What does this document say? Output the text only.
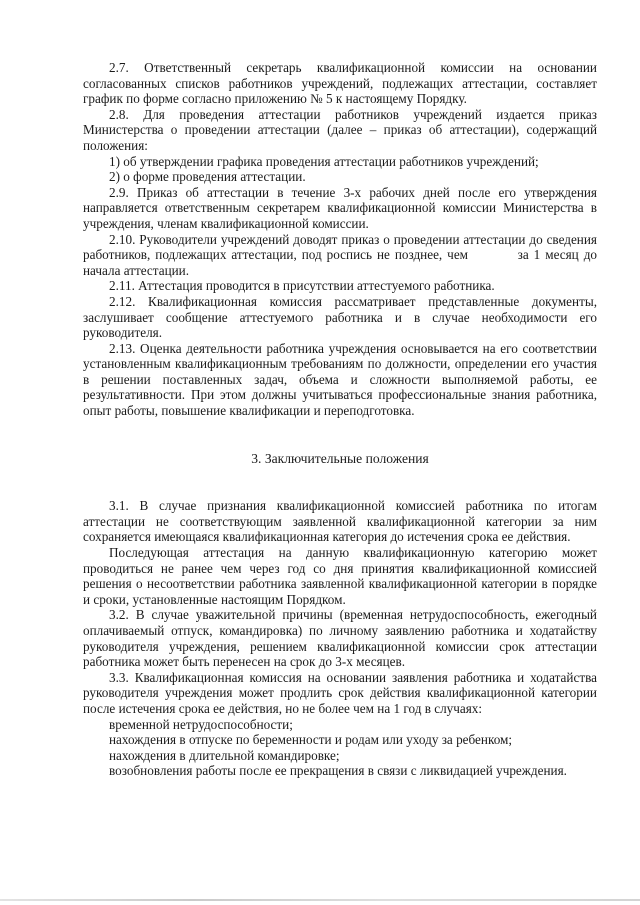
2.7. Ответственный секретарь квалификационной комиссии на основании согласованных списков работников учреждений, подлежащих аттестации, составляет график по форме согласно приложению № 5 к настоящему Порядку.

2.8. Для проведения аттестации работников учреждений издается приказ Министерства о проведении аттестации (далее – приказ об аттестации), содержащий положения:

1) об утверждении графика проведения аттестации работников учреждений;

2) о форме проведения аттестации.

2.9. Приказ об аттестации в течение 3-х рабочих дней после его утверждения направляется ответственным секретарем квалификационной комиссии Министерства в учреждения, членам квалификационной комиссии.

2.10. Руководители учреждений доводят приказ о проведении аттестации до сведения работников, подлежащих аттестации, под роспись не позднее, чем          за 1 месяц до начала аттестации.

2.11. Аттестация проводится в присутствии аттестуемого работника.

2.12. Квалификационная комиссия рассматривает представленные документы, заслушивает сообщение аттестуемого работника и в случае необходимости его руководителя.

2.13. Оценка деятельности работника учреждения основывается на его соответствии установленным квалификационным требованиям по должности, определении его участия в решении поставленных задач, объема и сложности выполняемой работы, ее результативности. При этом должны учитываться профессиональные знания работника, опыт работы, повышение квалификации и переподготовка.

3. Заключительные положения

3.1. В случае признания квалификационной комиссией работника по итогам аттестации не соответствующим заявленной квалификационной категории за ним сохраняется имеющаяся квалификационная категория до истечения срока ее действия.

Последующая аттестация на данную квалификационную категорию может проводиться не ранее чем через год со дня принятия квалификационной комиссией решения о несоответствии работника заявленной квалификационной категории в порядке и сроки, установленные настоящим Порядком.

3.2. В случае уважительной причины (временная нетрудоспособность, ежегодный оплачиваемый отпуск, командировка) по личному заявлению работника и ходатайству руководителя учреждения, решением квалификационной комиссии срок аттестации работника может быть перенесен на срок до 3-х месяцев.

3.3. Квалификационная комиссия на основании заявления работника и ходатайства руководителя учреждения может продлить срок действия квалификационной категории после истечения срока ее действия, но не более чем на 1 год в случаях:

временной нетрудоспособности;

нахождения в отпуске по беременности и родам или уходу за ребенком;

нахождения в длительной командировке;

возобновления работы после ее прекращения в связи с ликвидацией учреждения.
